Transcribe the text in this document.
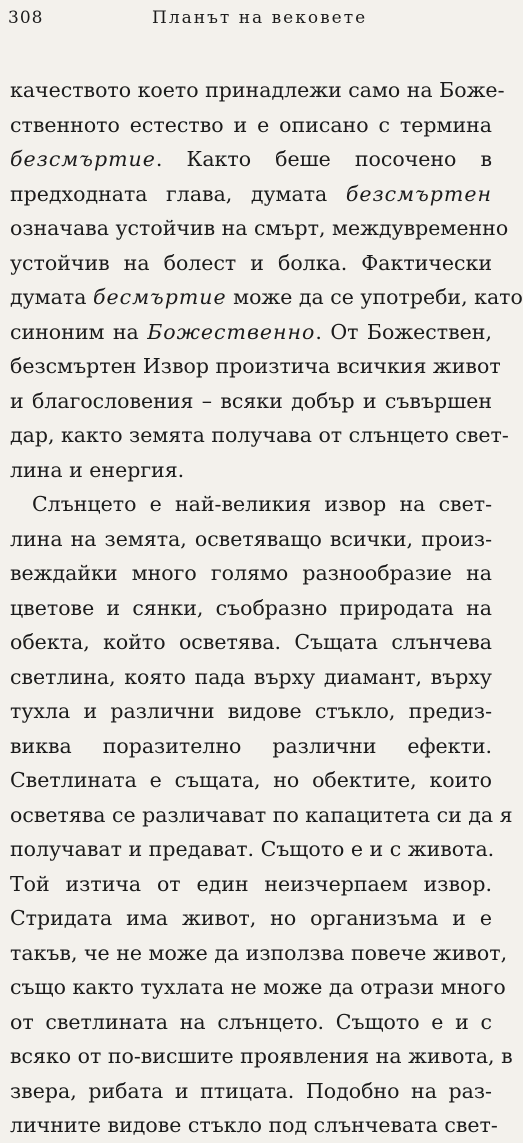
308	Планът на вековете
качеството което принадлежи само на Боже-
ственното естество и е описано с термина
безсмъртие. Както беше посочено в
предходната глава, думата безсмъртен
означава устойчив на смърт, междувременно
устойчив на болест и болка. Фактически
думата бесмъртие може да се употреби, като
синоним на Божественно. От Божествен,
безсмъртен Извор произтича всичкия живот
и благословения – всяки добър и съвършен
дар, както земята получава от слънцето свет-
лина и енергия.
Слънцето е най-великия извор на свет-
лина на земята, осветяващо всички, произ-
веждайки много голямо разнообразие на
цветове и сянки, съобразно природата на
обекта, който осветява. Същата слънчева
светлина, която пада върху диамант, върху
тухла и различни видове стъкло, предиз-
виква поразително различни ефекти.
Светлината е същата, но обектите, които
осветява се различават по капацитета си да я
получават и предават. Същото е и с живота.
Той изтича от един неизчерпаем извор.
Стридата има живот, но организъма и е
такъв, че не може да използва повече живот,
също както тухлата не може да отрази много
от светлината на слънцето. Същото е и с
всяко от по-висшите проявления на живота, в
звера, рибата и птицата. Подобно на раз-
личните видове стъкло под слънчевата свет-
